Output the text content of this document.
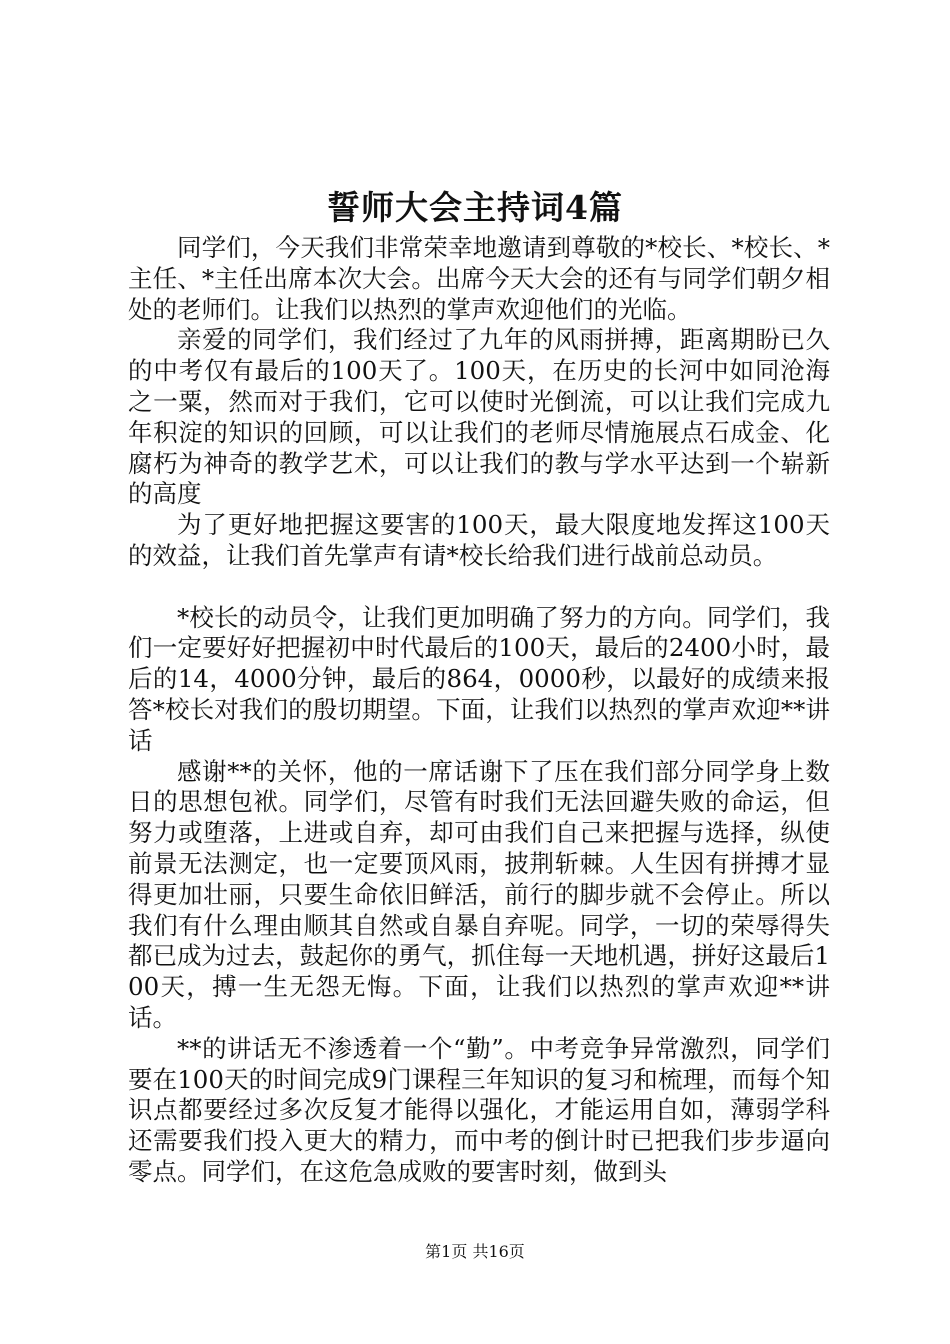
誓师大会主持词4篇

同学们，今天我们非常荣幸地邀请到尊敬的*校长、*校长、*主任、*主任出席本次大会。出席今天大会的还有与同学们朝夕相处的老师们。让我们以热烈的掌声欢迎他们的光临。

亲爱的同学们，我们经过了九年的风雨拼搏，距离期盼已久的中考仅有最后的100天了。100天，在历史的长河中如同沧海之一粟，然而对于我们，它可以使时光倒流，可以让我们完成九年积淀的知识的回顾，可以让我们的老师尽情施展点石成金、化腐朽为神奇的教学艺术，可以让我们的教与学水平达到一个崭新的高度

为了更好地把握这要害的100天，最大限度地发挥这100天的效益，让我们首先掌声有请*校长给我们进行战前总动员。

*校长的动员令，让我们更加明确了努力的方向。同学们，我们一定要好好把握初中时代最后的100天，最后的2400小时，最后的14，4000分钟，最后的864，0000秒，以最好的成绩来报答*校长对我们的殷切期望。下面，让我们以热烈的掌声欢迎**讲话

感谢**的关怀，他的一席话谢下了压在我们部分同学身上数日的思想包袱。同学们，尽管有时我们无法回避失败的命运，但努力或堕落，上进或自弃，却可由我们自己来把握与选择，纵使前景无法测定，也一定要顶风雨，披荆斩棘。人生因有拼搏才显得更加壮丽，只要生命依旧鲜活，前行的脚步就不会停止。所以我们有什么理由顺其自然或自暴自弃呢。同学，一切的荣辱得失都已成为过去，鼓起你的勇气，抓住每一天地机遇，拼好这最后100天，搏一生无怨无悔。下面，让我们以热烈的掌声欢迎**讲话。

**的讲话无不渗透着一个“勤”。中考竞争异常激烈，同学们要在100天的时间完成9门课程三年知识的复习和梳理，而每个知识点都要经过多次反复才能得以强化，才能运用自如，薄弱学科还需要我们投入更大的精力，而中考的倒计时已把我们步步逼向零点。同学们，在这危急成败的要害时刻，做到头

第1页 共16页
